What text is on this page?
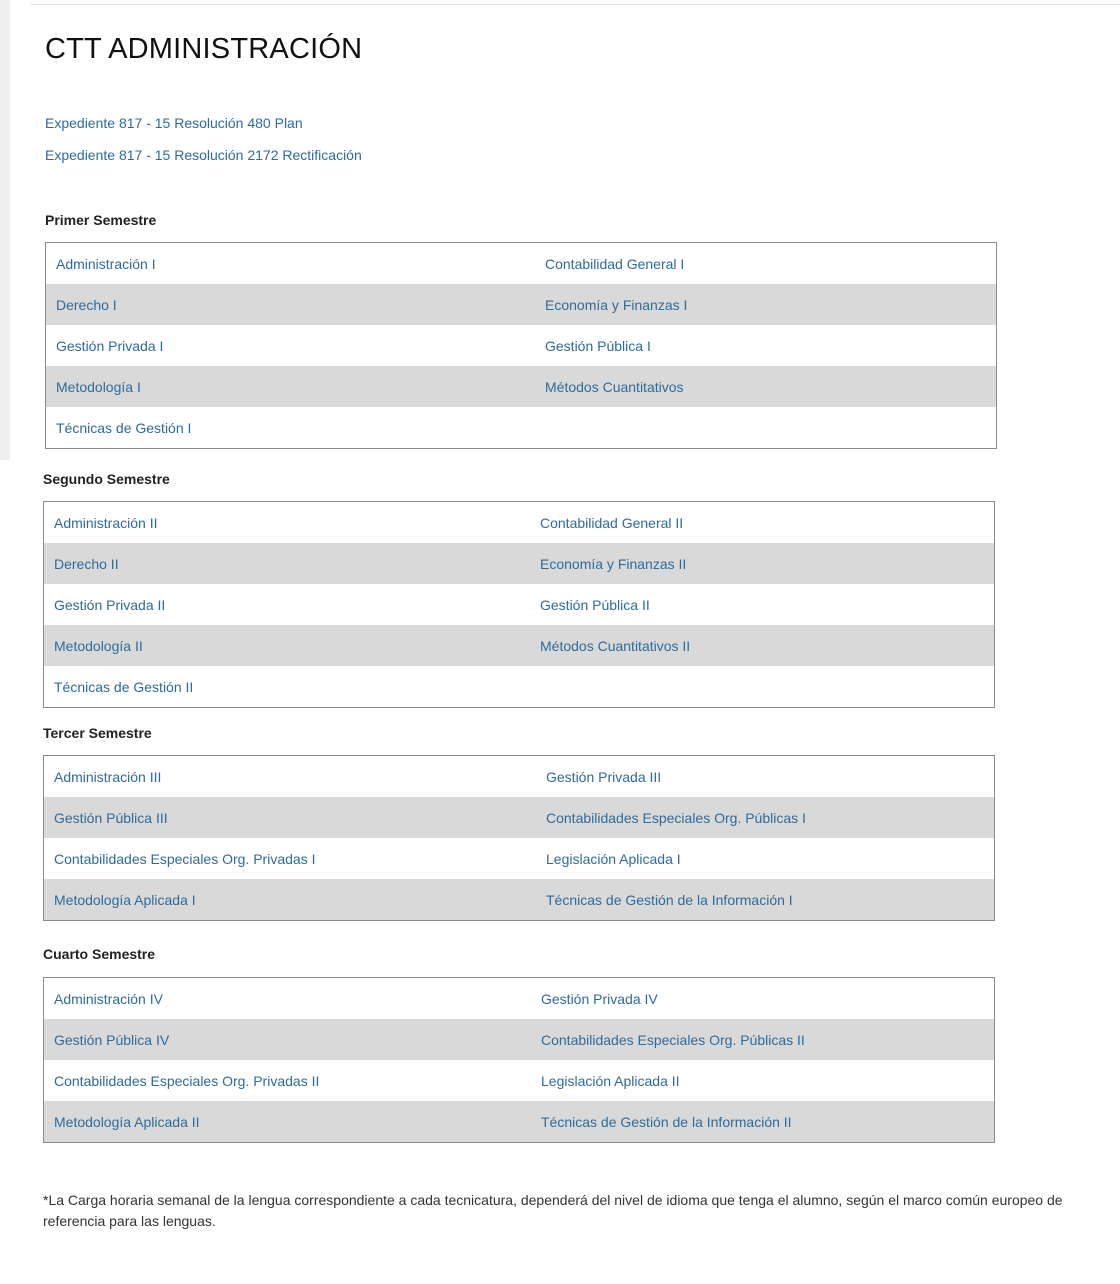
CTT ADMINISTRACIÓN
Expediente 817 - 15 Resolución 480 Plan
Expediente 817 - 15 Resolución 2172 Rectificación
Primer Semestre
Administración I	Contabilidad General I
Derecho I	Economía y Finanzas I
Gestión Privada I	Gestión Pública I
Metodología I	Métodos Cuantitativos
Técnicas de Gestión I
Segundo Semestre
Administración II	Contabilidad General II
Derecho II	Economía y Finanzas II
Gestión Privada II	Gestión Pública II
Metodología II	Métodos Cuantitativos II
Técnicas de Gestión II
Tercer Semestre
Administración III	Gestión Privada III
Gestión Pública III	Contabilidades Especiales Org. Públicas I
Contabilidades Especiales Org. Privadas I	Legislación Aplicada I
Metodología Aplicada I	Técnicas de Gestión de la Información I
Cuarto Semestre
Administración IV	Gestión Privada IV
Gestión Pública IV	Contabilidades Especiales Org. Públicas II
Contabilidades Especiales Org. Privadas II	Legislación Aplicada II
Metodología Aplicada II	Técnicas de Gestión de la Información II

*La Carga horaria semanal de la lengua correspondiente a cada tecnicatura, dependerá del nivel de idioma que tenga el alumno, según el marco común europeo de referencia para las lenguas.
